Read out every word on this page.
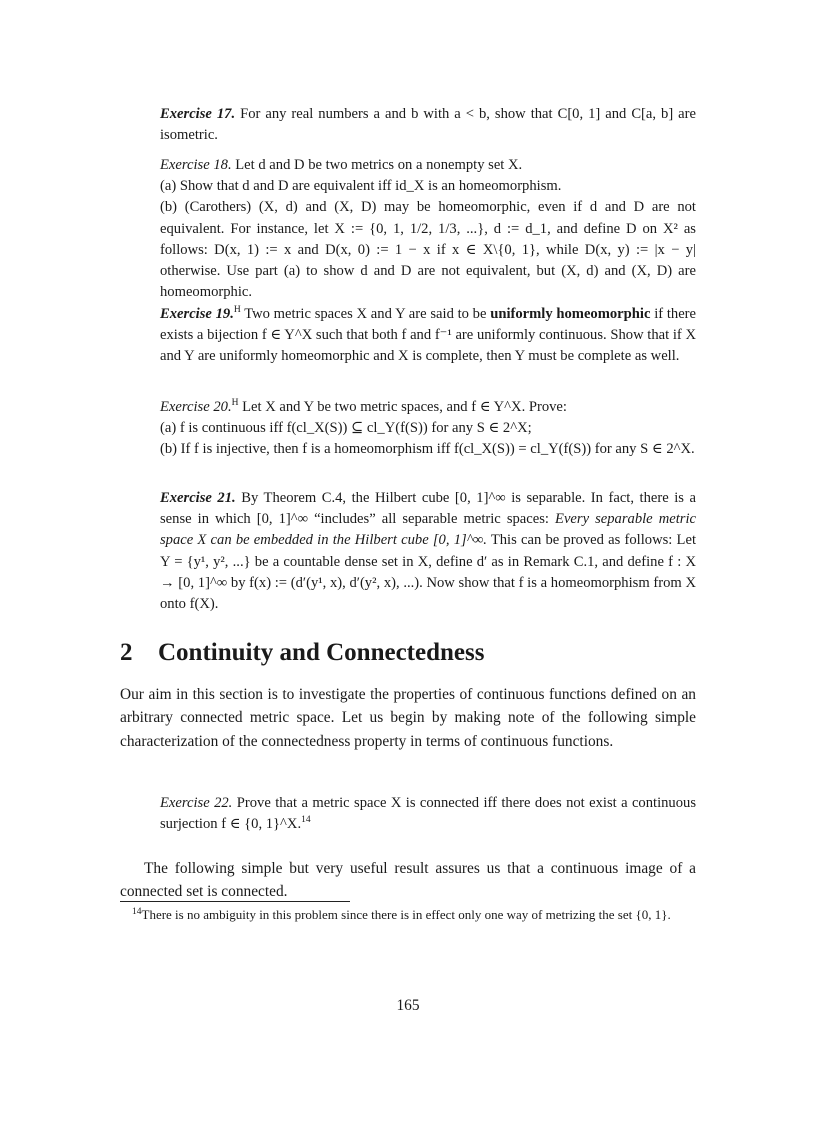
Exercise 17. For any real numbers a and b with a < b, show that C[0, 1] and C[a, b] are isometric.

Exercise 18. Let d and D be two metrics on a nonempty set X.

(a) Show that d and D are equivalent iff id_X is an homeomorphism.

(b) (Carothers) (X, d) and (X, D) may be homeomorphic, even if d and D are not equivalent. For instance, let X := {0, 1, 1/2, 1/3, ...}, d := d_1, and define D on X² as follows: D(x, 1) := x and D(x, 0) := 1 − x if x ∈ X\{0, 1}, while D(x, y) := |x − y| otherwise. Use part (a) to show d and D are not equivalent, but (X, d) and (X, D) are homeomorphic.

Exercise 19.$^H$ Two metric spaces X and Y are said to be uniformly homeomorphic if there exists a bijection f ∈ Y^X such that both f and f⁻¹ are uniformly continuous. Show that if X and Y are uniformly homeomorphic and X is complete, then Y must be complete as well.

Exercise 20.$^H$ Let X and Y be two metric spaces, and f ∈ Y^X. Prove:

(a) f is continuous iff f(cl_X(S)) ⊆ cl_Y(f(S)) for any S ∈ 2^X;

(b) If f is injective, then f is a homeomorphism iff f(cl_X(S)) = cl_Y(f(S)) for any S ∈ 2^X.

Exercise 21. By Theorem C.4, the Hilbert cube [0, 1]^∞ is separable. In fact, there is a sense in which [0, 1]^∞ “includes” all separable metric spaces: Every separable metric space X can be embedded in the Hilbert cube [0, 1]^∞. This can be proved as follows: Let Y = {y¹, y², ...} be a countable dense set in X, define d′ as in Remark C.1, and define f : X → [0, 1]^∞ by f(x) := (d′(y¹, x), d′(y², x), ...). Now show that f is a homeomorphism from X onto f(X).

2 Continuity and Connectedness

Our aim in this section is to investigate the properties of continuous functions defined on an arbitrary connected metric space. Let us begin by making note of the following simple characterization of the connectedness property in terms of continuous functions.

Exercise 22. Prove that a metric space X is connected iff there does not exist a continuous surjection f ∈ {0, 1}^X.$^{14}$

The following simple but very useful result assures us that a continuous image of a connected set is connected.

$^{14}$There is no ambiguity in this problem since there is in effect only one way of metrizing the set {0, 1}.
165
